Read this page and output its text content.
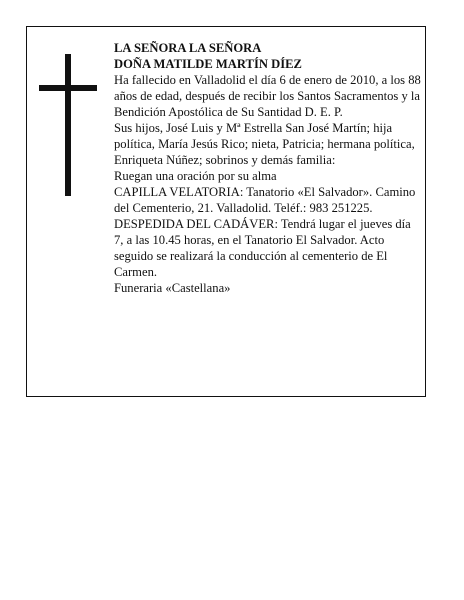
LA SEÑORA LA SEÑORA

DOÑA MATILDE MARTÍN DÍEZ

Ha fallecido en Valladolid el día 6 de enero de 2010, a los 88 años de edad, después de recibir los Santos Sacramentos y la Bendición Apostólica de Su Santidad D. E. P.

Sus hijos, José Luis y Mª Estrella San José Martín; hija política, María Jesús Rico; nieta, Patricia; hermana política, Enriqueta Núñez; sobrinos y demás familia:

Ruegan una oración por su alma

CAPILLA VELATORIA: Tanatorio «El Salvador». Camino del Cementerio, 21. Valladolid. Teléf.: 983 251225.

DESPEDIDA DEL CADÁVER: Tendrá lugar el jueves día 7, a las 10.45 horas, en el Tanatorio El Salvador. Acto seguido se realizará la conducción al cementerio de El Carmen.

Funeraria «Castellana»
